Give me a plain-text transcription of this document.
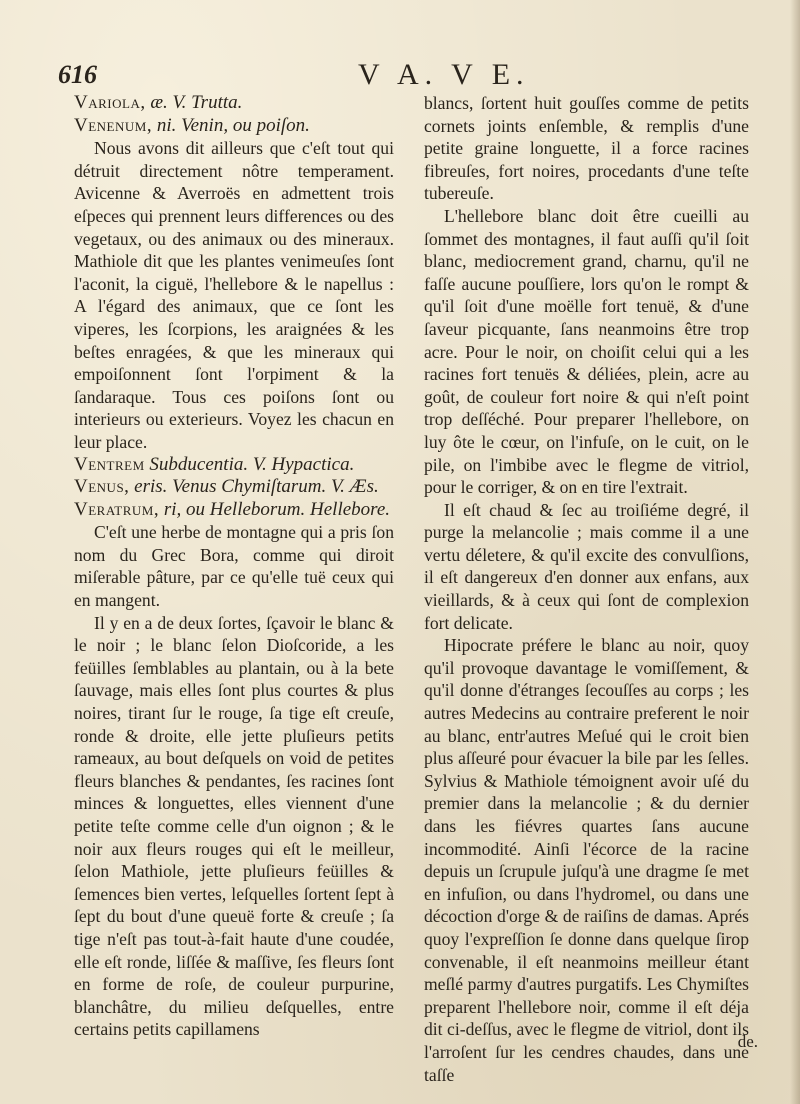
616	V A. V E.

Variola, æ. V. Trutta.

Venenum, ni. Venin, ou poiſon.

Nous avons dit ailleurs que c'eſt tout qui détruit directement nôtre temperament. Avicenne & Averroës en admettent trois eſpeces qui prennent leurs differences ou des vegetaux, ou des animaux ou des mineraux. Mathiole dit que les plantes venimeuſes ſont l'aconit, la ciguë, l'hellebore & le napellus : A l'égard des animaux, que ce ſont les viperes, les ſcorpions, les araignées & les beſtes enragées, & que les mineraux qui empoiſonnent ſont l'orpiment & la ſandaraque. Tous ces poiſons ſont ou interieurs ou exterieurs. Voyez les chacun en leur place.

Ventrem Subducentia. V. Hypactica.

Venus, eris. Venus Chymiſtarum. V. Æs.

Veratrum, ri, ou Helleborum. Hellebore.

C'eſt une herbe de montagne qui a pris ſon nom du Grec Bora, comme qui diroit miſerable pâture, par ce qu'elle tuë ceux qui en mangent.

Il y en a de deux ſortes, ſçavoir le blanc & le noir ; le blanc ſelon Dioſcoride, a les feüilles ſemblables au plantain, ou à la bete ſauvage, mais elles ſont plus courtes & plus noires, tirant ſur le rouge, ſa tige eſt creuſe, ronde & droite, elle jette pluſieurs petits rameaux, au bout deſquels on void de petites fleurs blanches & pendantes, ſes racines ſont minces & longuettes, elles viennent d'une petite teſte comme celle d'un oignon ; & le noir aux fleurs rouges qui eſt le meilleur, ſelon Mathiole, jette pluſieurs feüilles & ſemences bien vertes, leſquelles ſortent ſept à ſept du bout d'une queuë forte & creuſe ; ſa tige n'eſt pas tout-à-fait haute d'une coudée, elle eſt ronde, liſſée & maſſive, ſes fleurs ſont en forme de roſe, de couleur purpurine, blanchâtre, du milieu deſquelles, entre certains petits capillamens

blancs, ſortent huit gouſſes comme de petits cornets joints enſemble, & remplis d'une petite graine longuette, il a force racines fibreuſes, fort noires, procedants d'une teſte tubereuſe.

L'hellebore blanc doit être cueilli au ſommet des montagnes, il faut auſſi qu'il ſoit blanc, mediocrement grand, charnu, qu'il ne faſſe aucune pouſſiere, lors qu'on le rompt & qu'il ſoit d'une moëlle fort tenuë, & d'une ſaveur picquante, ſans neanmoins être trop acre. Pour le noir, on choiſit celui qui a les racines fort tenuës & déliées, plein, acre au goût, de couleur fort noire & qui n'eſt point trop deſſéché. Pour preparer l'hellebore, on luy ôte le cœur, on l'infuſe, on le cuit, on le pile, on l'imbibe avec le flegme de vitriol, pour le corriger, & on en tire l'extrait.

Il eſt chaud & ſec au troiſiéme degré, il purge la melancolie ; mais comme il a une vertu déletere, & qu'il excite des convulſions, il eſt dangereux d'en donner aux enfans, aux vieillards, & à ceux qui ſont de complexion fort delicate.

Hipocrate préfere le blanc au noir, quoy qu'il provoque davantage le vomiſſement, & qu'il donne d'étranges ſecouſſes au corps ; les autres Medecins au contraire preferent le noir au blanc, entr'autres Meſué qui le croit bien plus aſſeuré pour évacuer la bile par les ſelles. Sylvius & Mathiole témoignent avoir uſé du premier dans la melancolie ; & du dernier dans les fiévres quartes ſans aucune incommodité. Ainſi l'écorce de la racine depuis un ſcrupule juſqu'à une dragme ſe met en infuſion, ou dans l'hydromel, ou dans une décoction d'orge & de raiſins de damas. Aprés quoy l'expreſſion ſe donne dans quelque ſirop convenable, il eſt neanmoins meilleur étant meſlé parmy d'autres purgatifs. Les Chymiſtes preparent l'hellebore noir, comme il eſt déja dit ci-deſſus, avec le flegme de vitriol, dont ils l'arroſent ſur les cendres chaudes, dans une taſſe

de.
